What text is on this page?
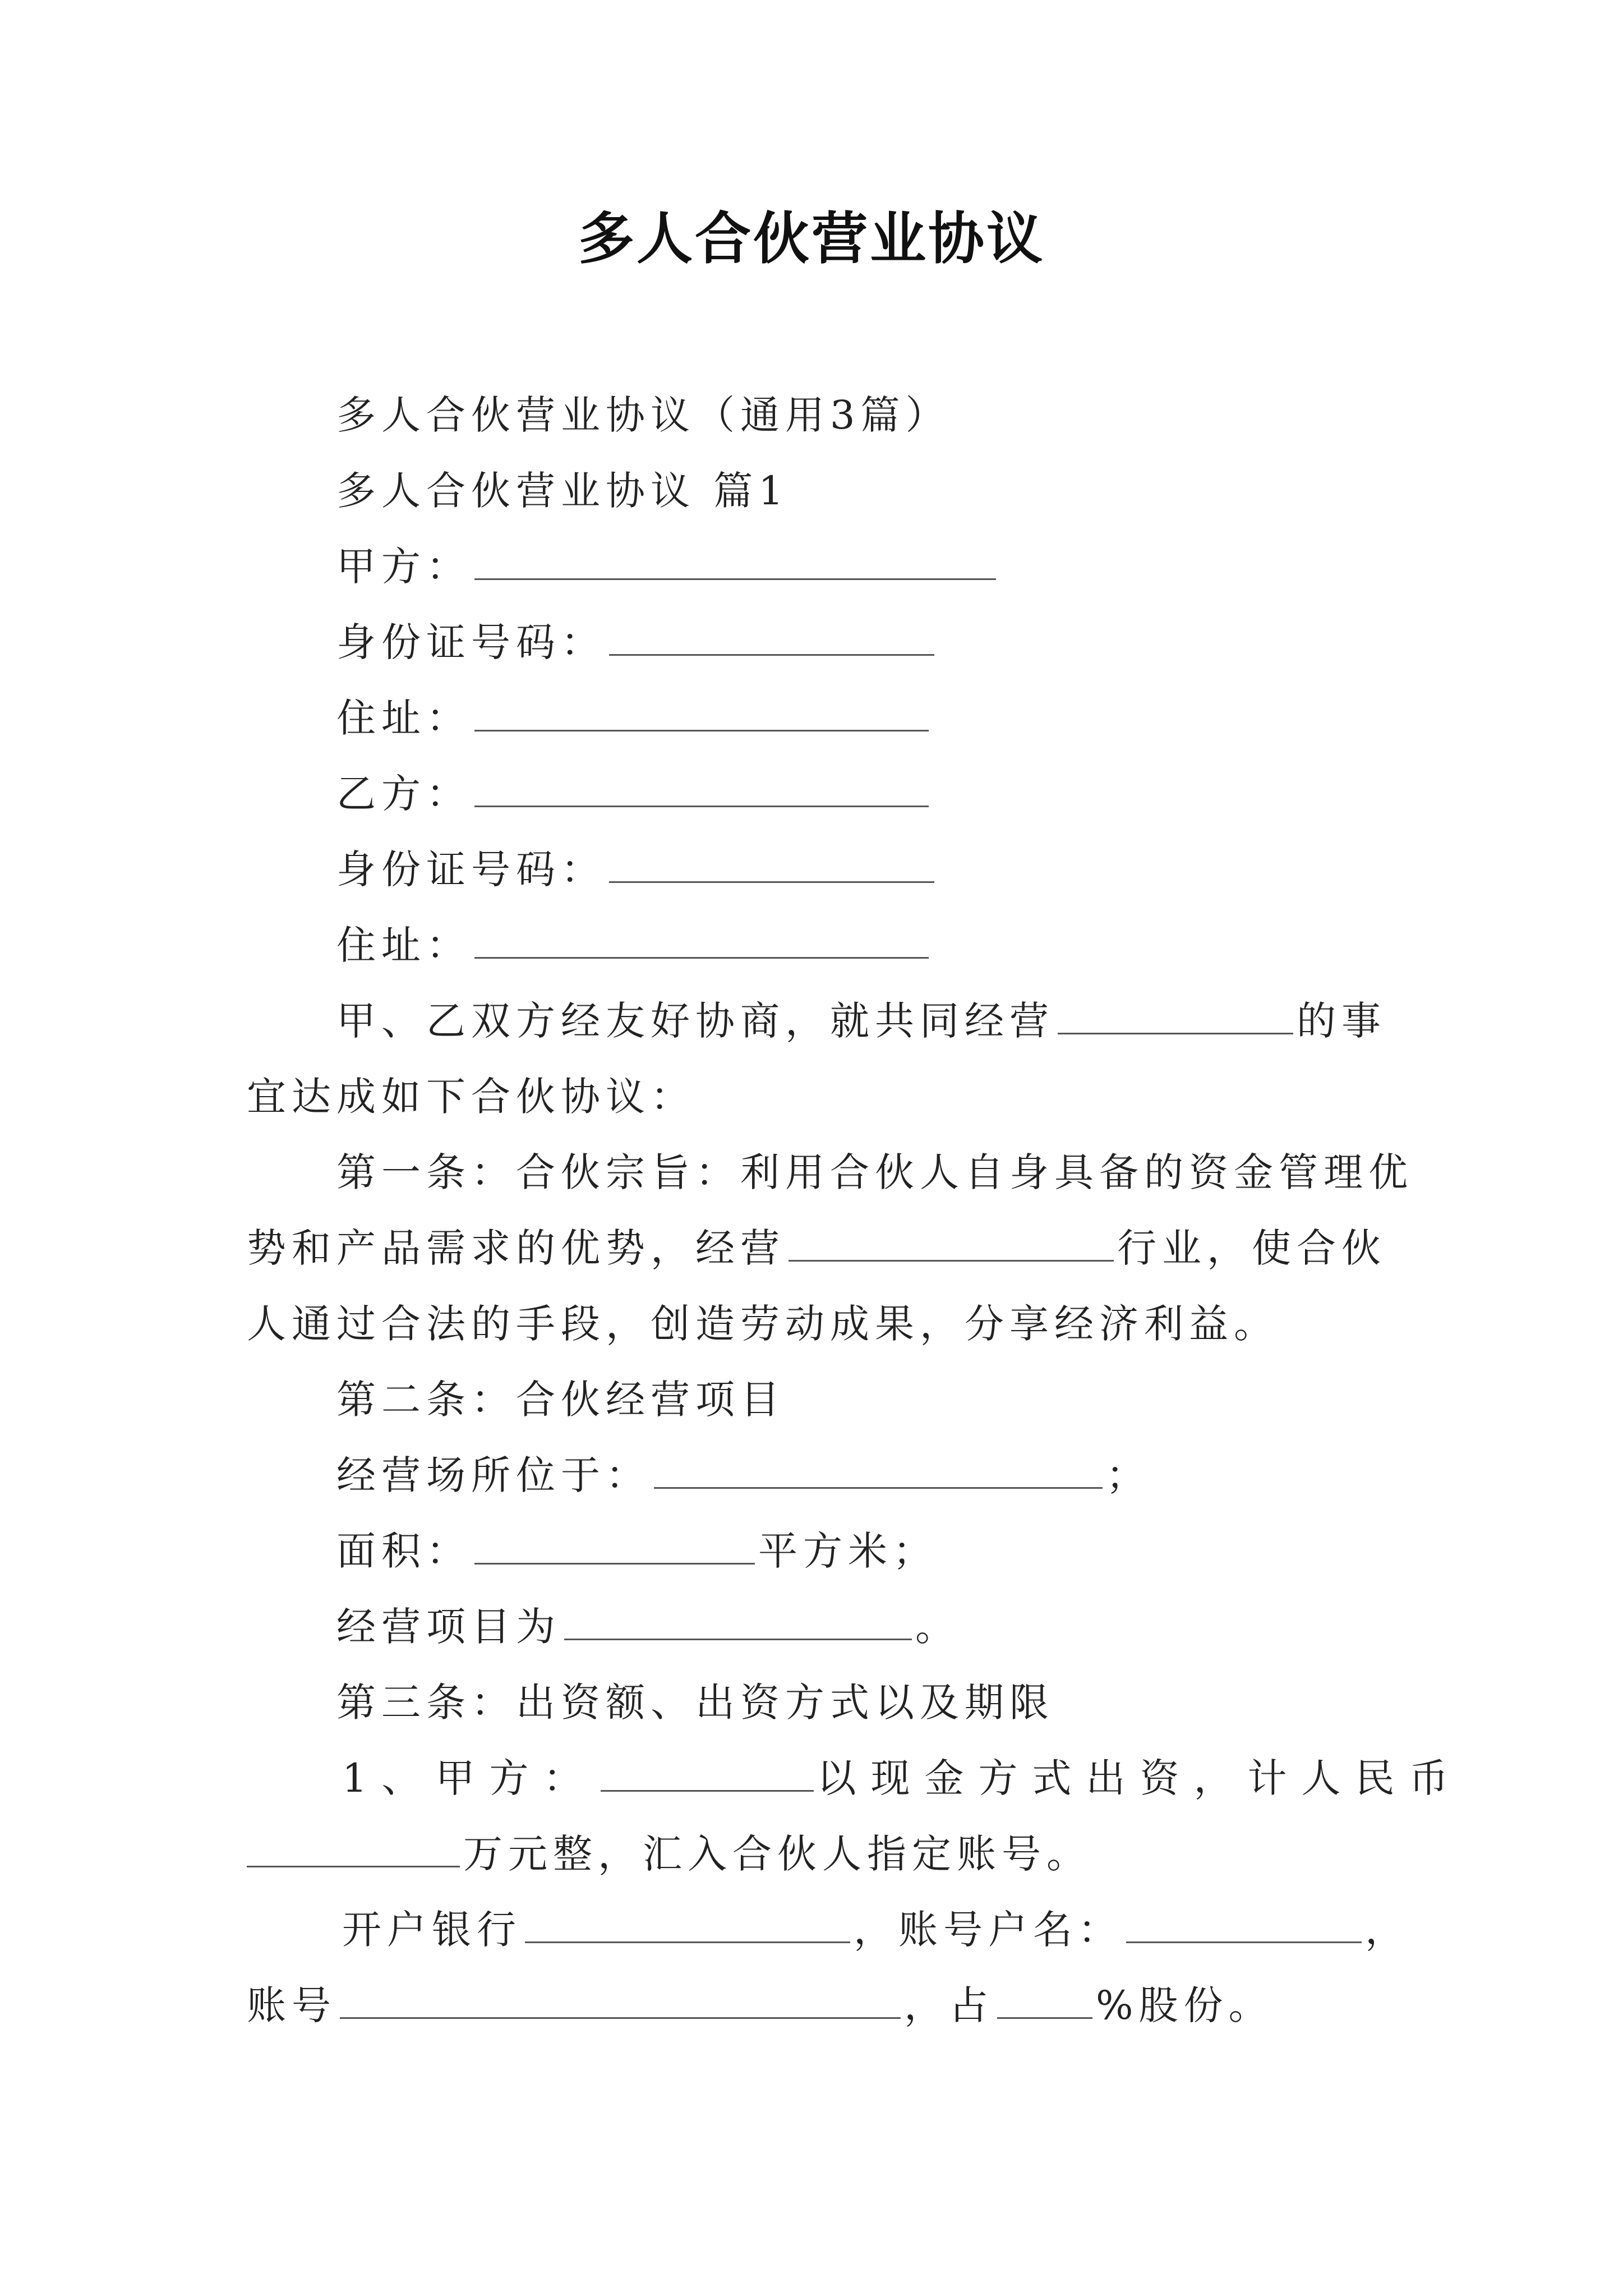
多人合伙营业协议
多人合伙营业协议（通用3篇）
多人合伙营业协议 篇1
甲方：
身份证号码：
住址：
乙方：
身份证号码：
住址：
甲、乙双方经友好协商，就共同经营	的事
宜达成如下合伙协议：
第一条：合伙宗旨：利用合伙人自身具备的资金管理优
势和产品需求的优势，经营	行业，使合伙
人通过合法的手段，创造劳动成果，分享经济利益。
第二条：合伙经营项目
经营场所位于：	；
面积：	平方米；
经营项目为	。
第三条：出资额、出资方式以及期限
1、甲方：	以现金方式出资，计人民币
万元整，汇入合伙人指定账号。
开户银行	，账号户名：	，
账号	，占	%股份。
